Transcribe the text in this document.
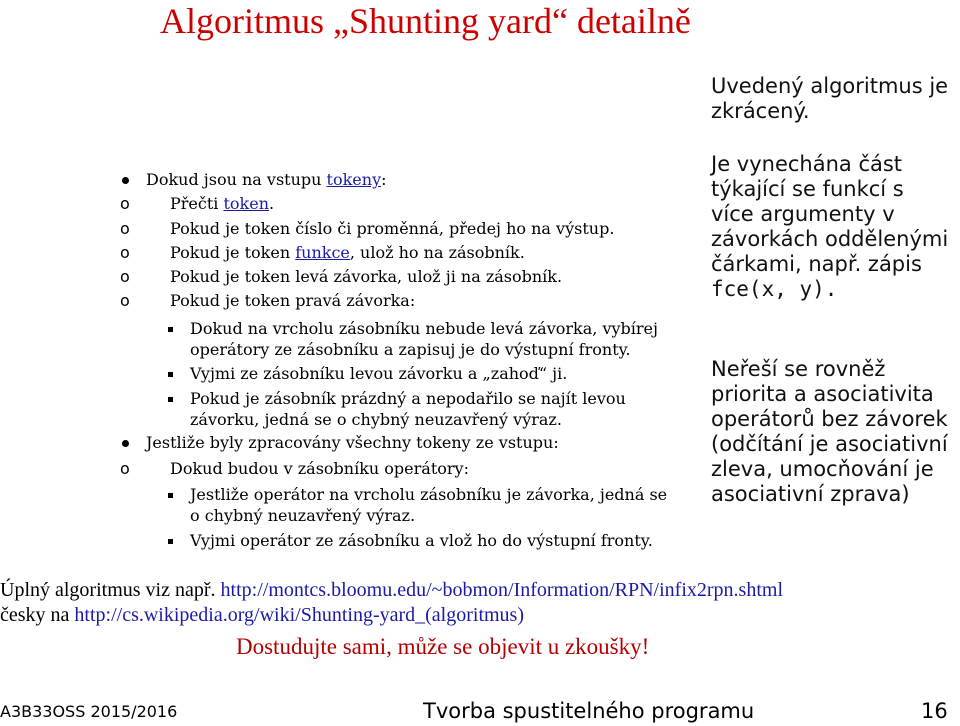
Algoritmus „Shunting yard“ detailně
Dokud jsou na vstupu tokeny:
o	Přečti token.
o	Pokud je token číslo či proměnná, předej ho na výstup.
o	Pokud je token funkce, ulož ho na zásobník.
o	Pokud je token levá závorka, ulož ji na zásobník.
o	Pokud je token pravá závorka:
Dokud na vrcholu zásobníku nebude levá závorka, vybírej
operátory ze zásobníku a zapisuj je do výstupní fronty.
Vyjmi ze zásobníku levou závorku a „zahoď“ ji.
Pokud je zásobník prázdný a nepodařilo se najít levou
závorku, jedná se o chybný neuzavřený výraz.
Jestliže byly zpracovány všechny tokeny ze vstupu:
o	Dokud budou v zásobníku operátory:
Jestliže operátor na vrcholu zásobníku je závorka, jedná se
o chybný neuzavřený výraz.
Vyjmi operátor ze zásobníku a vlož ho do výstupní fronty.
Uvedený algoritmus je zkrácený.
Je vynechána část týkající se funkcí s více argumenty v závorkách oddělenými čárkami, např. zápis fce(x, y).
Neřeší se rovněž priorita a asociativita operátorů bez závorek (odčítání je asociativní zleva, umocňování je asociativní zprava)
Úplný algoritmus viz např. http://montcs.bloomu.edu/~bobmon/Information/RPN/infix2rpn.shtml
česky na http://cs.wikipedia.org/wiki/Shunting-yard_(algoritmus)
Dostudujte sami, může se objevit u zkoušky!
A3B33OSS 2015/2016	Tvorba spustitelného programu	16
